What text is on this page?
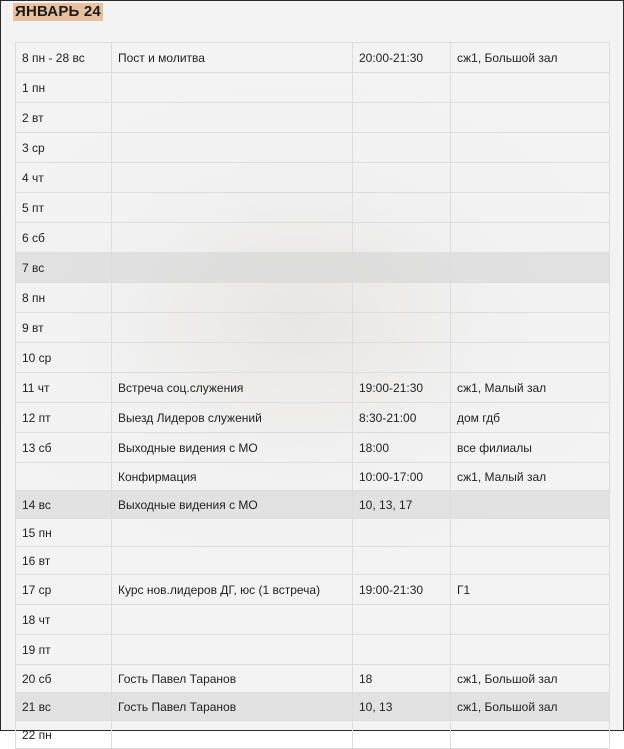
ЯНВАРЬ 24
8 пн - 28 вс	Пост и молитва	20:00-21:30	сж1, Большой зал
1 пн			
2 вт			
3 ср			
4 чт			
5 пт			
6 сб			
7 вс			
8 пн			
9 вт			
10 ср			
11 чт	Встреча соц.служения	19:00-21:30	сж1, Малый зал
12 пт	Выезд Лидеров служений	8:30-21:00	дом гдб
13 сб	Выходные видения с МО	18:00	все филиалы
	Конфирмация	10:00-17:00	сж1, Малый зал
14 вс	Выходные видения с МО	10, 13, 17	
15 пн			
16 вт			
17 ср	Курс нов.лидеров ДГ, юс (1 встреча)	19:00-21:30	Г1
18 чт			
19 пт			
20 сб	Гость Павел Таранов	18	сж1, Большой зал
21 вс	Гость Павел Таранов	10, 13	сж1, Большой зал
22 пн			
